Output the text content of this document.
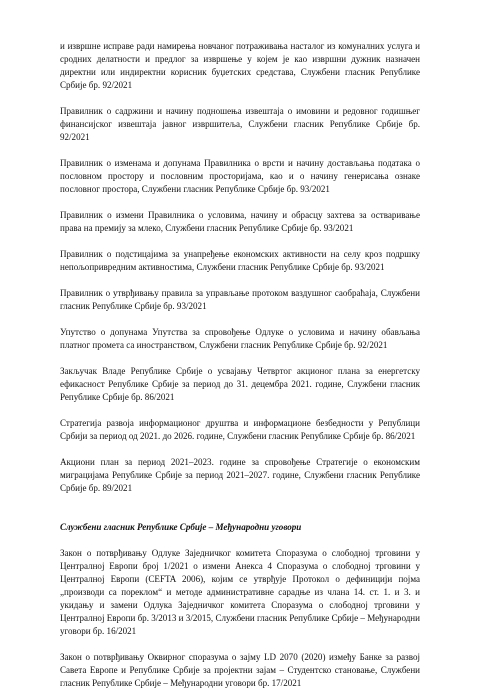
и извршне исправе ради намирења новчаног потраживања насталог из комуналних услуга и сродних делатности и предлог за извршење у којем је као извршни дужник назначен директни или индиректни корисник буџетских средстава, Службени гласник Републике Србије бр. 92/2021

Правилник о садржини и начину подношења извештаја о имовини и редовног годишњег финансијског извештаја јавног извршитеља, Службени гласник Републике Србије бр. 92/2021

Правилник о изменама и допунама Правилника о врсти и начину достављања података о пословном простору и пословним просторијама, као и о начину генерисања ознаке пословног простора, Службени гласник Републике Србије бр. 93/2021

Правилник о измени Правилника о условима, начину и обрасцу захтева за остваривање права на премију за млеко, Службени гласник Републике Србије бр. 93/2021

Правилник о подстицајима за унапређење економских активности на селу кроз подршку непољопривредним активностима, Службени гласник Републике Србије бр. 93/2021

Правилник о утврђивању правила за управљање протоком ваздушног саобраћаја, Службени гласник Републике Србије бр. 93/2021

Упутство о допунама Упутства за спровођење Одлуке о условима и начину обављања платног промета са иностранством, Службени гласник Републике Србије бр. 92/2021

Закључак Владе Републике Србије о усвајању Четвртог акционог плана за енергетску ефикасност Републике Србије за период до 31. децембра 2021. године, Службени гласник Републике Србије бр. 86/2021

Стратегија развоја информационог друштва и информационе безбедности у Републици Србији за период од 2021. до 2026. године, Службени гласник Републике Србије бр. 86/2021

Акциони план за период 2021–2023. године за спровођење Стратегије о економским миграцијама Републике Србије за период 2021–2027. године, Службени гласник Републике Србије бр. 89/2021

Службени гласник Републике Србије – Међународни уговори

Закон о потврђивању Одлуке Заједничког комитета Споразума о слободној трговини у Централној Европи број 1/2021 о измени Анекса 4 Споразума о слободној трговини у Централној Европи (CEFTA 2006), којим се утврђује Протокол о дефиницији појма „производи са пореклом“ и методе административне сарадње из члана 14. ст. 1. и 3. и укидању и замени Одлука Заједничког комитета Споразума о слободној трговини у Централној Европи бр. 3/2013 и 3/2015, Службени гласник Републике Србије – Међународни уговори бр. 16/2021

Закон о потврђивању Оквирног споразума о зајму LD 2070 (2020) између Банке за развој Савета Европе и Републике Србије за пројектни зајам – Студентско становање, Службени гласник Републике Србије – Међународни уговори бр. 17/2021
